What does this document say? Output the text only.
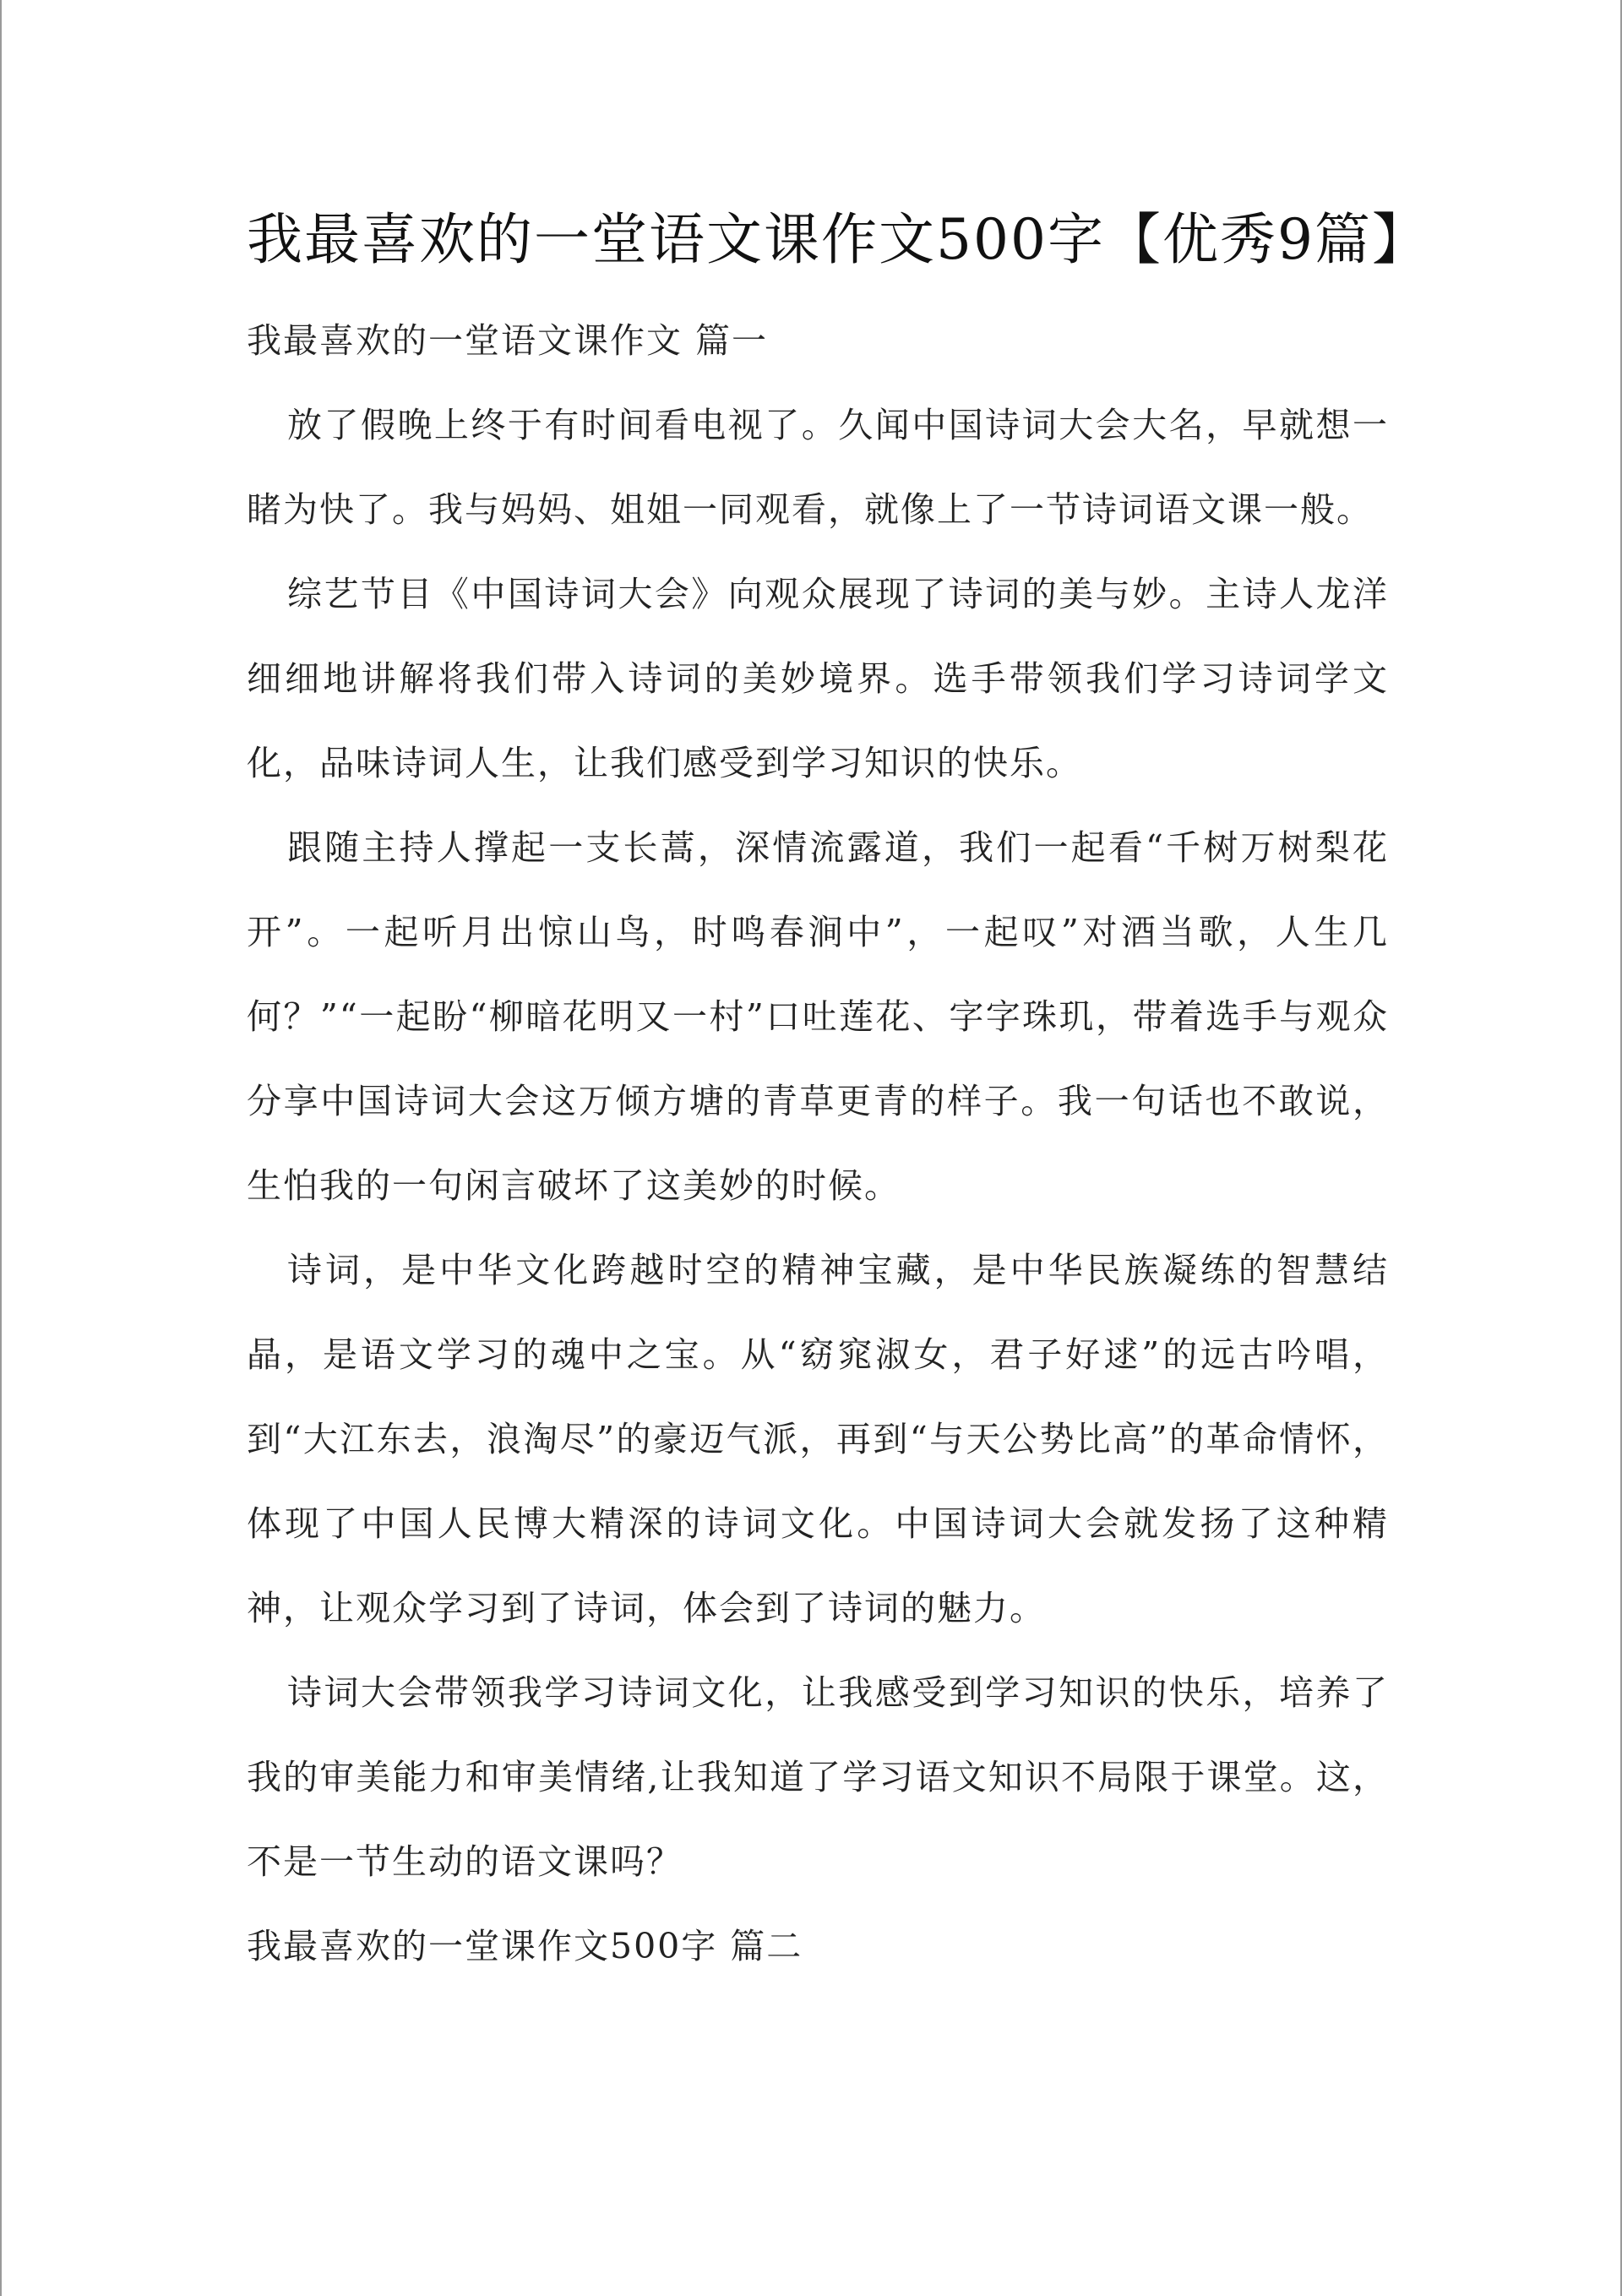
我最喜欢的一堂语文课作文500字【优秀9篇】
我最喜欢的一堂语文课作文 篇一

放了假晚上终于有时间看电视了。久闻中国诗词大会大名，早就想一睹为快了。我与妈妈、姐姐一同观看，就像上了一节诗词语文课一般。

综艺节目《中国诗词大会》向观众展现了诗词的美与妙。主诗人龙洋细细地讲解将我们带入诗词的美妙境界。选手带领我们学习诗词学文化，品味诗词人生，让我们感受到学习知识的快乐。

跟随主持人撑起一支长蒿，深情流露道，我们一起看“千树万树梨花开”。一起听月出惊山鸟，时鸣春涧中”，一起叹”对酒当歌，人生几何？”“一起盼“柳暗花明又一村”口吐莲花、字字珠玑，带着选手与观众分享中国诗词大会这万倾方塘的青草更青的样子。我一句话也不敢说，生怕我的一句闲言破坏了这美妙的时候。

诗词，是中华文化跨越时空的精神宝藏，是中华民族凝练的智慧结晶，是语文学习的魂中之宝。从“窈窕淑女，君子好逑”的远古吟唱，到“大江东去，浪淘尽”的豪迈气派，再到“与天公势比高”的革命情怀，体现了中国人民博大精深的诗词文化。中国诗词大会就发扬了这种精神，让观众学习到了诗词，体会到了诗词的魅力。

诗词大会带领我学习诗词文化，让我感受到学习知识的快乐，培养了我的审美能力和审美情绪,让我知道了学习语文知识不局限于课堂。这，不是一节生动的语文课吗？

我最喜欢的一堂课作文500字 篇二
